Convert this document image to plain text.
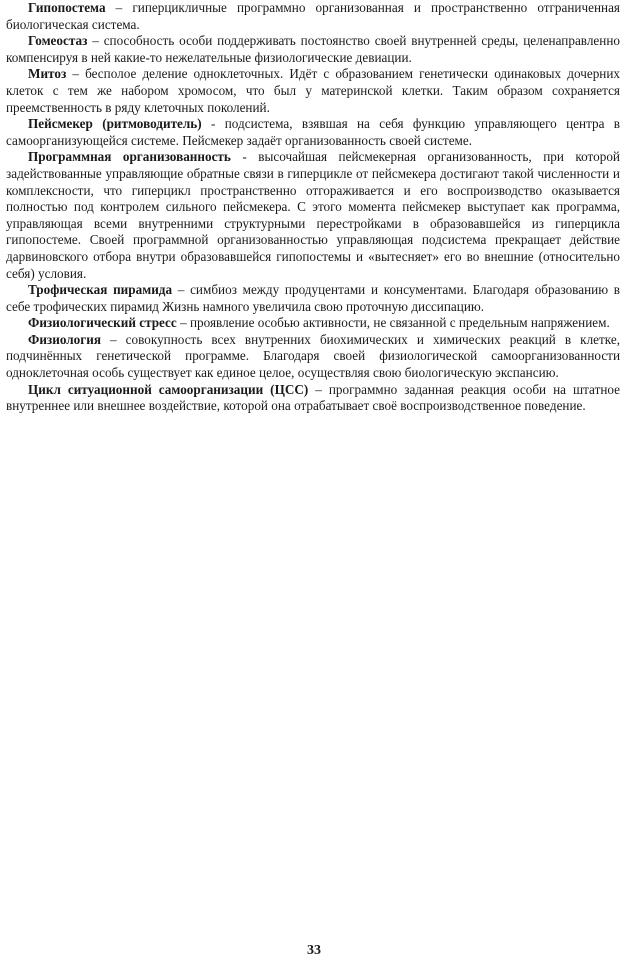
Гипопостема – гиперцикличные программно организованная и пространственно отграниченная биологическая система.

Гомеостаз – способность особи поддерживать постоянство своей внутренней среды, целенаправленно компенсируя в ней какие-то нежелательные физиологические девиации.

Митоз – бесполое деление одноклеточных. Идёт с образованием генетически одинаковых дочерних клеток с тем же набором хромосом, что был у материнской клетки. Таким образом сохраняется преемственность в ряду клеточных поколений.

Пейсмекер (ритмоводитель) - подсистема, взявшая на себя функцию управляющего центра в самоорганизующейся системе. Пейсмекер задаёт организованность своей системе.

Программная организованность - высочайшая пейсмекерная организованность, при которой задействованные управляющие обратные связи в гиперцикле от пейсмекера достигают такой численности и комплексности, что гиперцикл пространственно отгораживается и его воспроизводство оказывается полностью под контролем сильного пейсмекера. С этого момента пейсмекер выступает как программа, управляющая всеми внутренними структурными перестройками в образовавшейся из гиперцикла гипопостеме. Своей программной организованностью управляющая подсистема прекращает действие дарвиновского отбора внутри образовавшейся гипопостемы и «вытесняет» его во внешние (относительно себя) условия.

Трофическая пирамида – симбиоз между продуцентами и консументами. Благодаря образованию в себе трофических пирамид Жизнь намного увеличила свою проточную диссипацию.

Физиологический стресс – проявление особью активности, не связанной с предельным напряжением.

Физиология – совокупность всех внутренних биохимических и химических реакций в клетке, подчинённых генетической программе. Благодаря своей физиологической самоорганизованности одноклеточная особь существует как единое целое, осуществляя свою биологическую экспансию.

Цикл ситуационной самоорганизации (ЦСС) – программно заданная реакция особи на штатное внутреннее или внешнее воздействие, которой она отрабатывает своё воспроизводственное поведение.

33
